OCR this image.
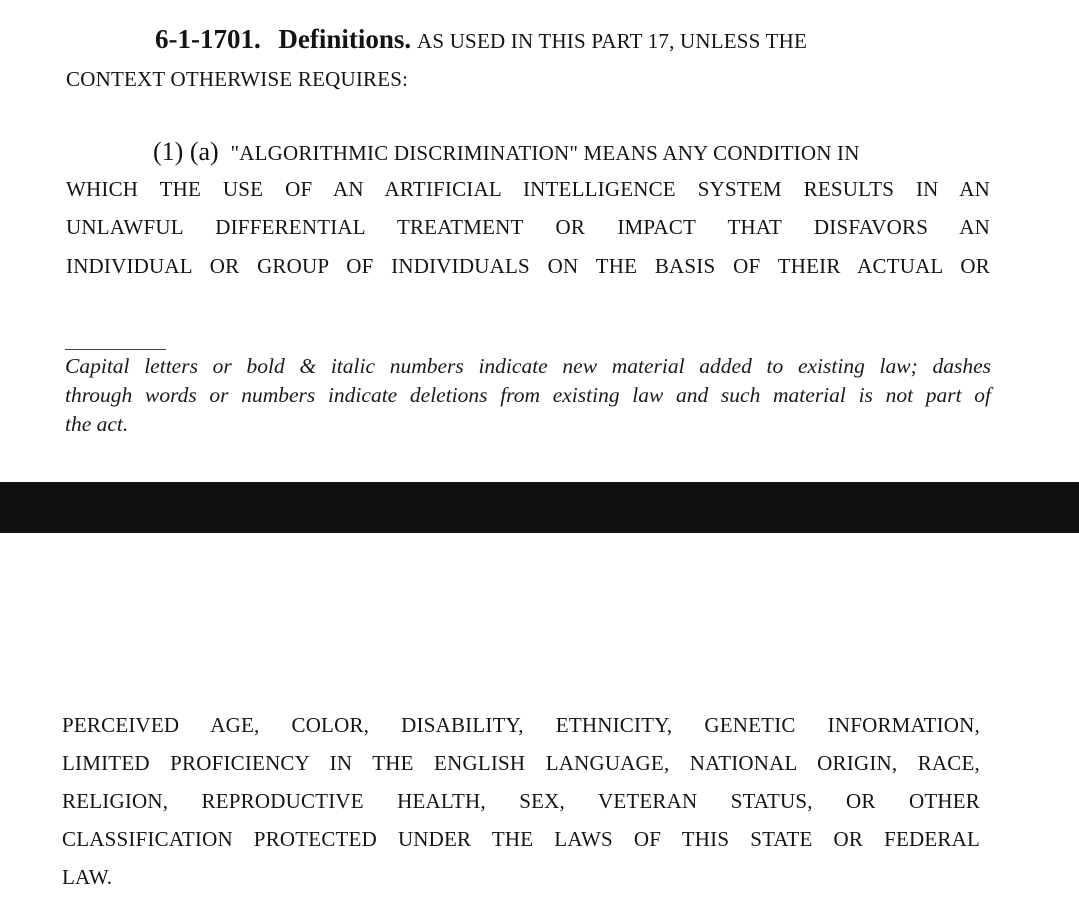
6-1-1701. Definitions. AS USED IN THIS PART 17, UNLESS THE
CONTEXT OTHERWISE REQUIRES:
(1) (a) "ALGORITHMIC DISCRIMINATION" MEANS ANY CONDITION IN
WHICH THE USE OF AN ARTIFICIAL INTELLIGENCE SYSTEM RESULTS IN AN
UNLAWFUL DIFFERENTIAL TREATMENT OR IMPACT THAT DISFAVORS AN
INDIVIDUAL OR GROUP OF INDIVIDUALS ON THE BASIS OF THEIR ACTUAL OR
Capital letters or bold & italic numbers indicate new material added to existing law; dashes
through words or numbers indicate deletions from existing law and such material is not part of
the act.
PERCEIVED AGE, COLOR, DISABILITY, ETHNICITY, GENETIC INFORMATION,
LIMITED PROFICIENCY IN THE ENGLISH LANGUAGE, NATIONAL ORIGIN, RACE,
RELIGION, REPRODUCTIVE HEALTH, SEX, VETERAN STATUS, OR OTHER
CLASSIFICATION PROTECTED UNDER THE LAWS OF THIS STATE OR FEDERAL
LAW.
